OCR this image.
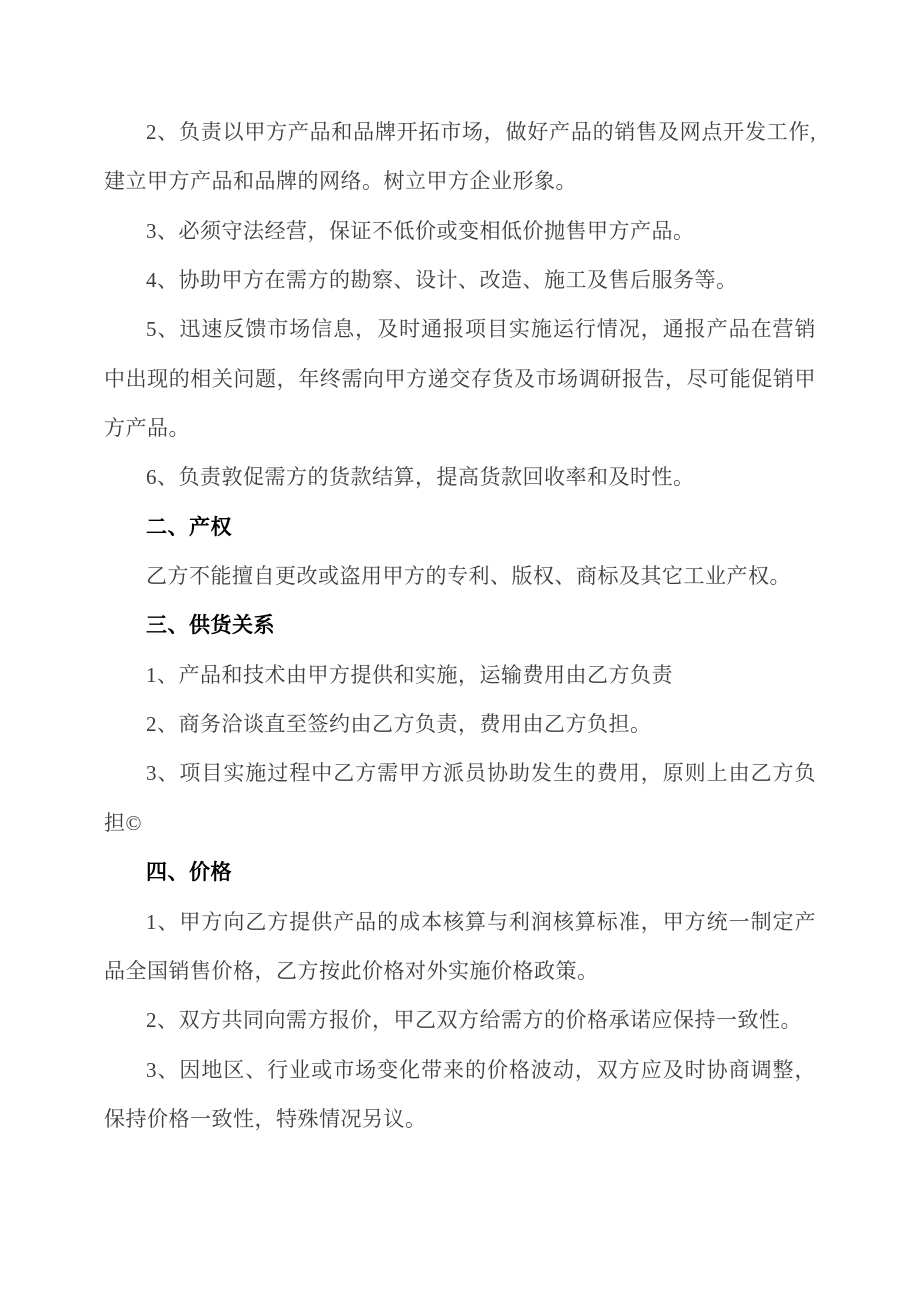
2、负责以甲方产品和品牌开拓市场，做好产品的销售及网点开发工作,建立甲方产品和品牌的网络。树立甲方企业形象。

3、必须守法经营，保证不低价或变相低价抛售甲方产品。

4、协助甲方在需方的勘察、设计、改造、施工及售后服务等。

5、迅速反馈市场信息，及时通报项目实施运行情况，通报产品在营销中出现的相关问题，年终需向甲方递交存货及市场调研报告，尽可能促销甲方产品。

6、负责敦促需方的货款结算，提高货款回收率和及时性。

二、产权

乙方不能擅自更改或盗用甲方的专利、版权、商标及其它工业产权。

三、供货关系

1、产品和技术由甲方提供和实施，运输费用由乙方负责

2、商务洽谈直至签约由乙方负责，费用由乙方负担。

3、项目实施过程中乙方需甲方派员协助发生的费用，原则上由乙方负担©

四、价格

1、甲方向乙方提供产品的成本核算与利润核算标准，甲方统一制定产品全国销售价格，乙方按此价格对外实施价格政策。

2、双方共同向需方报价，甲乙双方给需方的价格承诺应保持一致性。

3、因地区、行业或市场变化带来的价格波动，双方应及时协商调整，保持价格一致性，特殊情况另议。
